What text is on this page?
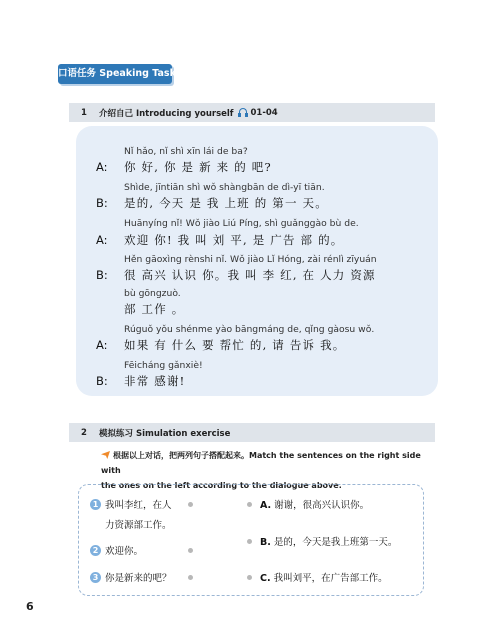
口语任务 Speaking Tasks
1	介绍自己 Introducing yourself 01-04
Nǐ hǎo, nǐ shì xīn lái de ba?
A: 你 好, 你 是 新 来 的 吧?
Shìde, jīntiān shì wǒ shàngbān de dì-yī tiān.
B: 是的, 今天 是 我 上班 的 第一 天。
Huānyíng nǐ! Wǒ jiào Liú Píng, shì guǎnggào bù de.
A: 欢迎 你! 我 叫 刘 平, 是 广告 部 的。
Hěn gāoxìng rènshi nǐ. Wǒ jiào Lǐ Hóng, zài rénlì zīyuán
B: 很 高兴 认识 你。我 叫 李 红, 在 人力 资源
bù gōngzuò.
部 工作 。
Rúguǒ yǒu shénme yào bāngmáng de, qǐng gàosu wǒ.
A: 如果 有 什么 要 帮忙 的, 请 告诉 我。
Fēicháng gǎnxiè!
B: 非常 感谢!
2	模拟练习 Simulation exercise
根据以上对话，把两列句子搭配起来。Match the sentences on the right side with
the ones on the left according to the dialogue above.
1 我叫李红，在人
力资源部工作。
2 欢迎你。
3 你是新来的吧？
A. 谢谢，很高兴认识你。
B. 是的，今天是我上班第一天。
C. 我叫刘平，在广告部工作。
6
